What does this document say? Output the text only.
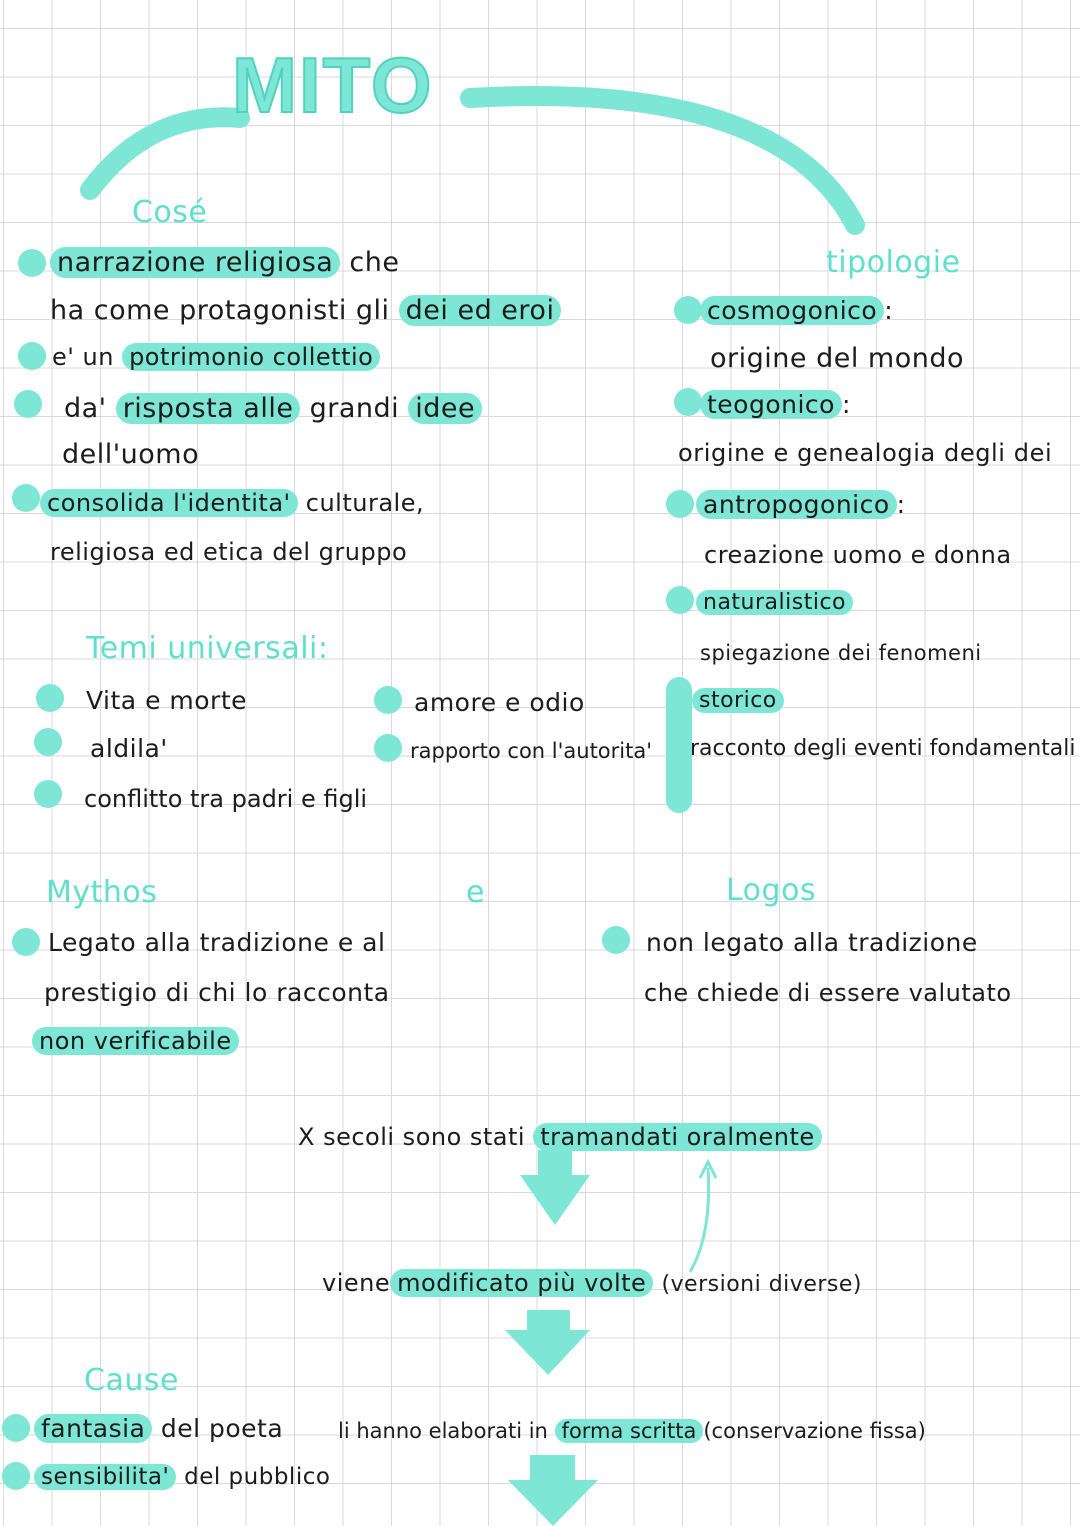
MITO
Cosé
narrazione religiosa che
ha come protagonisti gli dei ed eroi
e' un potrimonio collettio
da' risposta alle grandi idee
dell'uomo
consolida l'identita' culturale,
religiosa ed etica del gruppo
tipologie
cosmogonico :
origine del mondo
teogonico :
origine e genealogia degli dei
antropogonico :
creazione uomo e donna
naturalistico
spiegazione dei fenomeni
storico
racconto degli eventi fondamentali
Temi universali:
Vita e morte
aldila'
conflitto tra padri e figli
amore e odio
rapporto con l'autorita'
Mythos	e	Logos
Legato alla tradizione e al
prestigio di chi lo racconta
non verificabile
non legato alla tradizione
che chiede di essere valutato
X secoli sono stati tramandati oralmente
viene modificato più volte (versioni diverse)
li hanno elaborati in forma scritta (conservazione fissa)
Cause
fantasia del poeta
sensibilita' del pubblico
